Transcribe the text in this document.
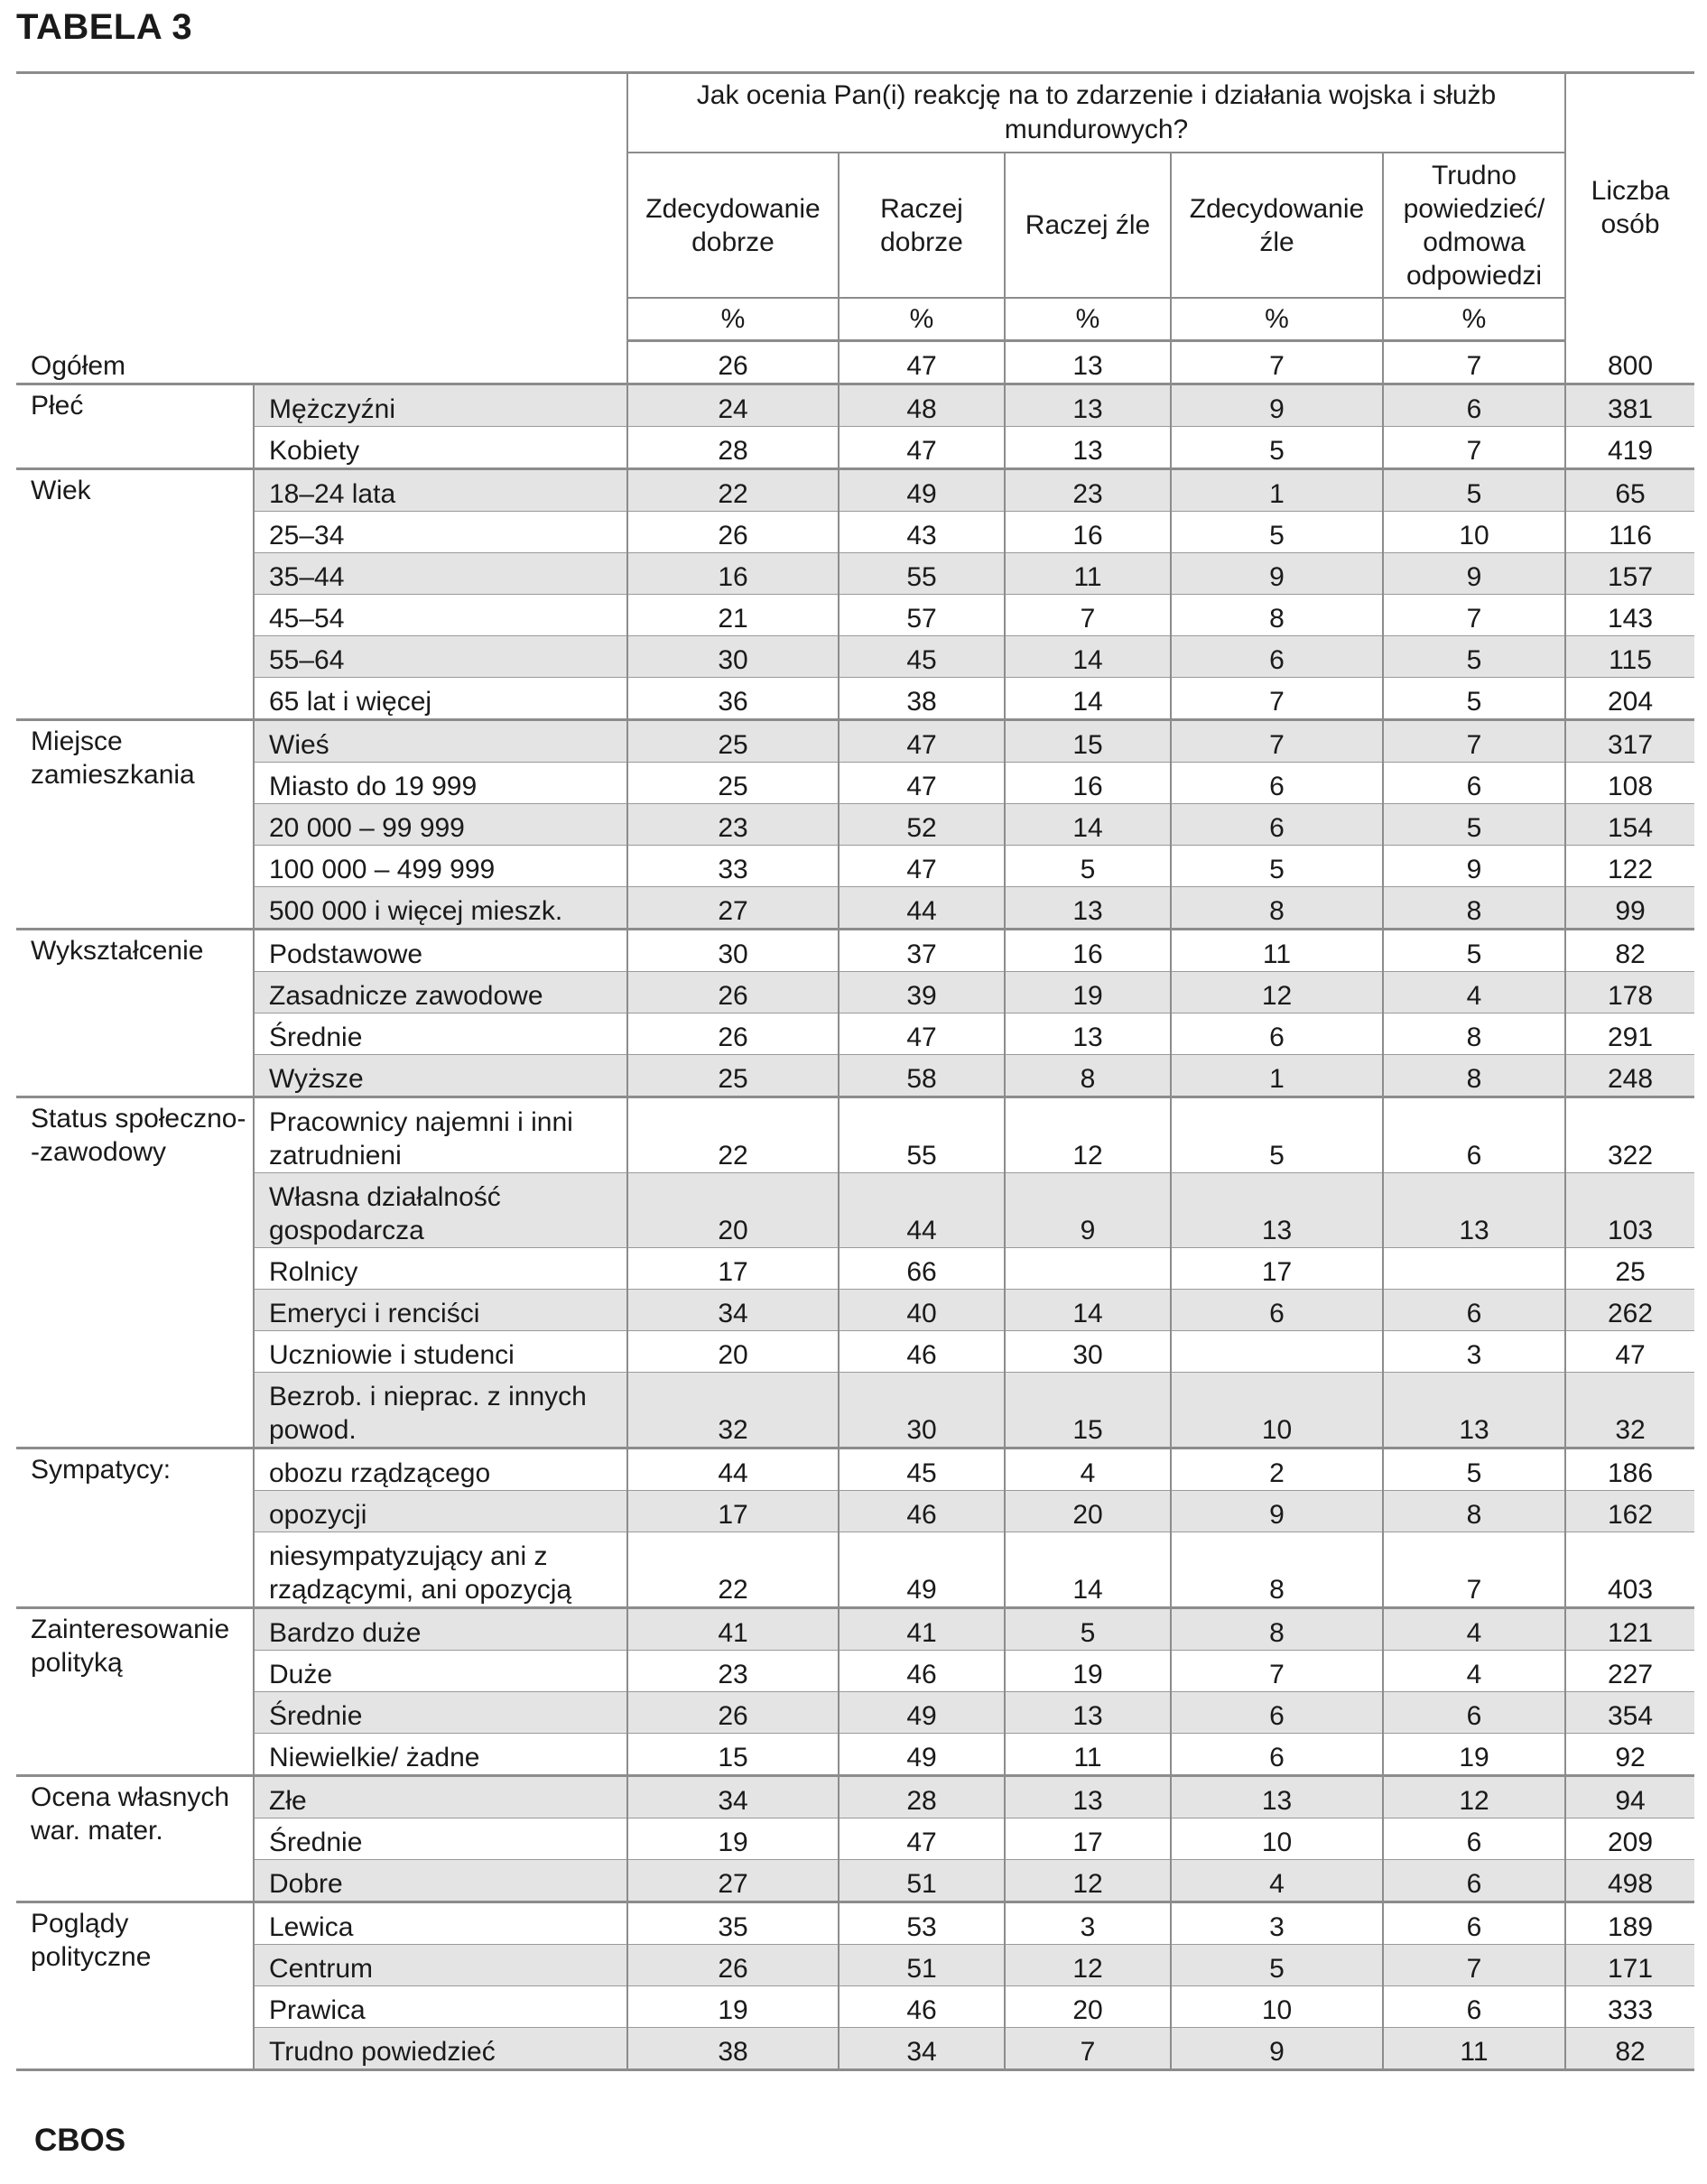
TABELA 3
		Jak ocenia Pan(i) reakcję na to zdarzenie i działania wojska i służb mundurowych?					Liczba osób
		Zdecydowanie dobrze	Raczej dobrze	Raczej źle	Zdecydowanie źle	Trudno powiedzieć/ odmowa odpowiedzi	
		%	%	%	%	%	
Ogółem		26	47	13	7	7	800
Płeć	Mężczyźni	24	48	13	9	6	381
	Kobiety	28	47	13	5	7	419
Wiek	18–24 lata	22	49	23	1	5	65
	25–34	26	43	16	5	10	116
	35–44	16	55	11	9	9	157
	45–54	21	57	7	8	7	143
	55–64	30	45	14	6	5	115
	65 lat i więcej	36	38	14	7	5	204
Miejsce zamieszkania	Wieś	25	47	15	7	7	317
	Miasto do 19 999	25	47	16	6	6	108
	20 000 – 99 999	23	52	14	6	5	154
	100 000 – 499 999	33	47	5	5	9	122
	500 000 i więcej mieszk.	27	44	13	8	8	99
Wykształcenie	Podstawowe	30	37	16	11	5	82
	Zasadnicze zawodowe	26	39	19	12	4	178
	Średnie	26	47	13	6	8	291
	Wyższe	25	58	8	1	8	248
Status społeczno- -zawodowy	Pracownicy najemni i inni zatrudnieni	22	55	12	5	6	322
	Własna działalność gospodarcza	20	44	9	13	13	103
	Rolnicy	17	66		17		25
	Emeryci i renciści	34	40	14	6	6	262
	Uczniowie i studenci	20	46	30		3	47
	Bezrob. i nieprac. z innych powod.	32	30	15	10	13	32
Sympatycy:	obozu rządzącego	44	45	4	2	5	186
	opozycji	17	46	20	9	8	162
	niesympatyzujący ani z rządzącymi, ani opozycją	22	49	14	8	7	403
Zainteresowanie polityką	Bardzo duże	41	41	5	8	4	121
	Duże	23	46	19	7	4	227
	Średnie	26	49	13	6	6	354
	Niewielkie/ żadne	15	49	11	6	19	92
Ocena własnych war. mater.	Złe	34	28	13	13	12	94
	Średnie	19	47	17	10	6	209
	Dobre	27	51	12	4	6	498
Poglądy polityczne	Lewica	35	53	3	3	6	189
	Centrum	26	51	12	5	7	171
	Prawica	19	46	20	10	6	333
	Trudno powiedzieć	38	34	7	9	11	82
CBOS
